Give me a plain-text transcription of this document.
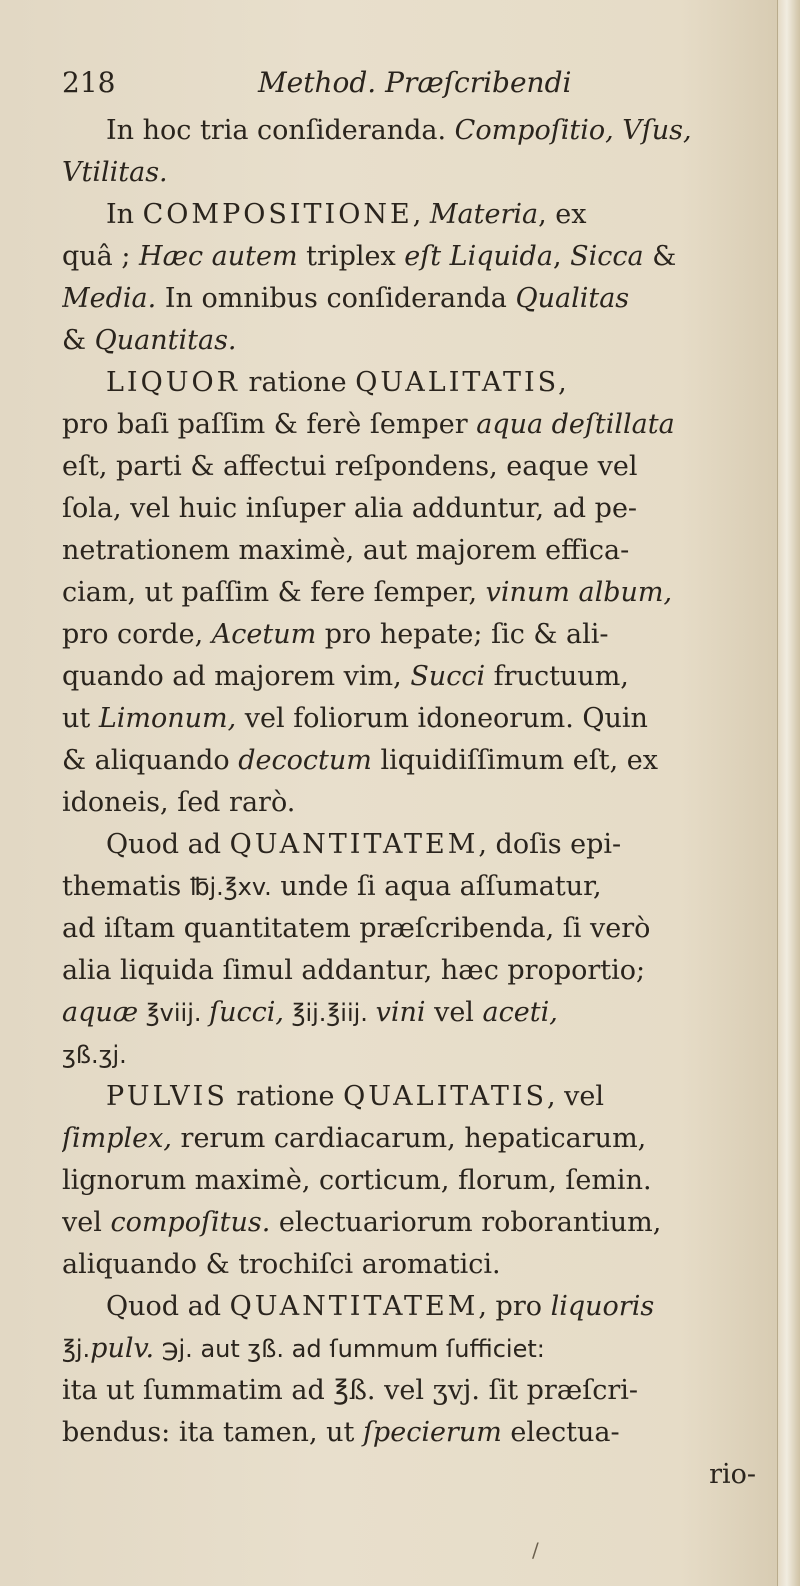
218	Method. Præſcribendi
In hoc tria conſideranda. Compoſitio, Vſus,
Vtilitas.
In COMPOSITIONE, Materia, ex
quâ ; Hæc autem triplex eſt Liquida, Sicca &
Media. In omnibus conſideranda Qualitas
& Quantitas.
LIQUOR ratione QUALITATIS,
pro baſi paſſim & ferè ſemper aqua deſtillata
eſt, parti & affectui reſpondens, eaque vel
ſola, vel huic inſuper alia adduntur, ad pe-
netrationem maximè, aut majorem effica-
ciam, ut paſſim & fere ſemper, vinum album,
pro corde, Acetum pro hepate; ſic & ali-
quando ad majorem vim, Succi fructuum,
ut Limonum, vel foliorum idoneorum. Quin
& aliquando decoctum liquidiſſimum eſt, ex
idoneis, ſed rarò.
Quod ad QUANTITATEM, doſis epi-
thematis ℔j.℥xv. unde ſi aqua aſſumatur,
ad iſtam quantitatem præſcribenda, ſi verò
alia liquida ſimul addantur, hæc proportio;
aquæ ℥viij. ſucci, ℥ij.℥iij. vini vel aceti,
ʒß.ʒj.
PULVIS ratione QUALITATIS, vel
ſimplex, rerum cardiacarum, hepaticarum,
lignorum maximè, corticum, florum, ſemin.
vel compoſitus. electuariorum roborantium,
aliquando & trochiſci aromatici.
Quod ad QUANTITATEM, pro liquoris
℥j.pulv. ℈j. aut ʒß. ad ſummum ſufficiet:
ita ut ſummatim ad ℥ß. vel ʒvj. ſit præſcri-
bendus: ita tamen, ut ſpecierum electua-
rio-
/
